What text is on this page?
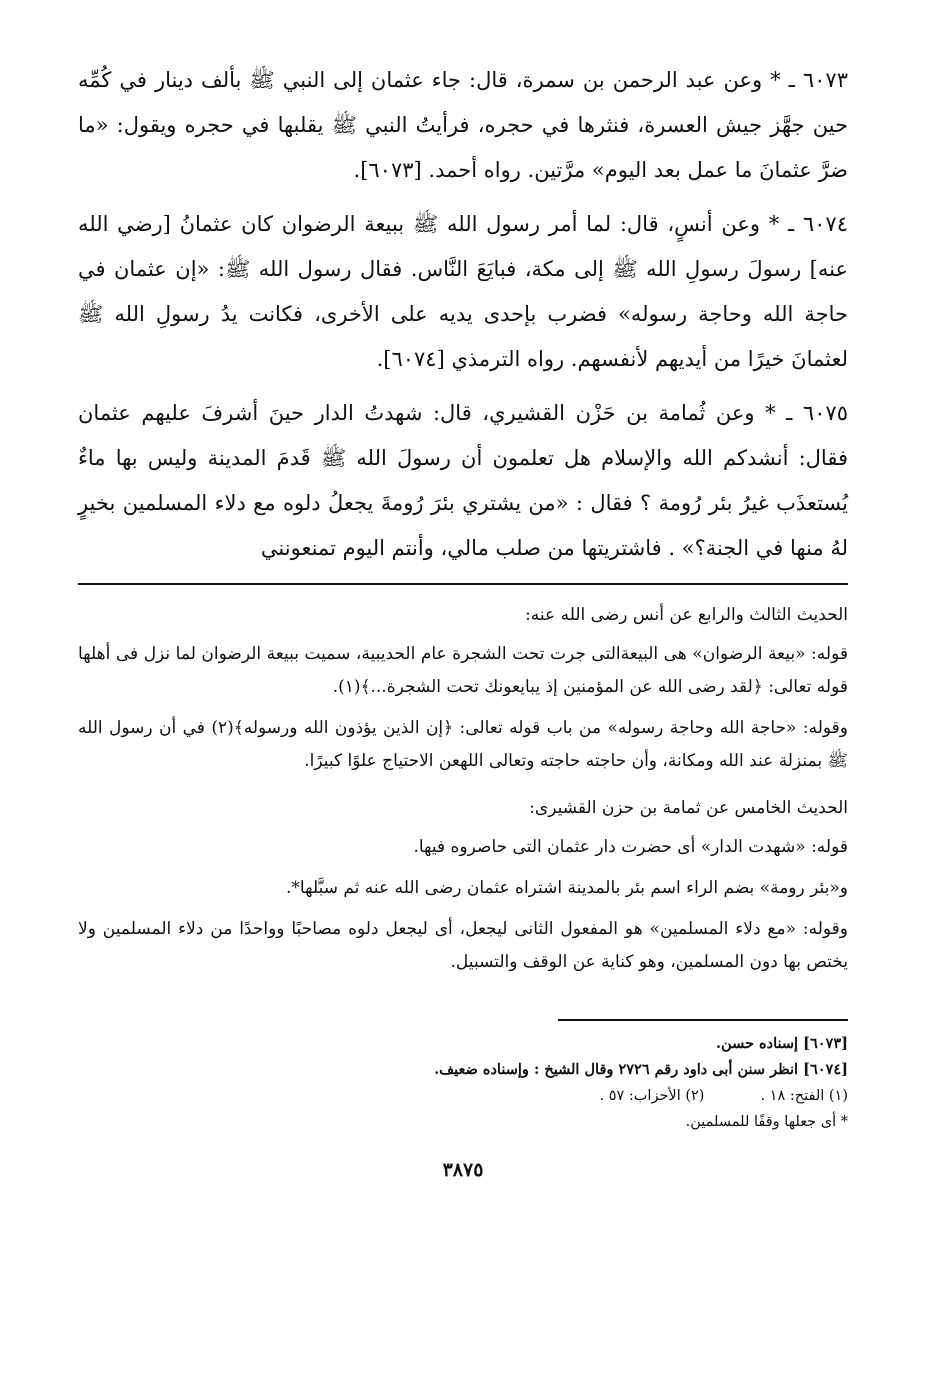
٦٠٧٣ ـ * وعن عبد الرحمن بن سمرة، قال: جاء عثمان إلى النبي ﷺ بألف دينار في كُمِّه حين جهَّز جيش العسرة، فنثرها في حجره، فرأيتُ النبي ﷺ يقلبها في حجره ويقول: «ما ضرَّ عثمانَ ما عمل بعد اليوم» مرَّتين. رواه أحمد. [٦٠٧٣].

٦٠٧٤ ـ * وعن أنسٍ، قال: لما أمر رسول الله ﷺ ببيعة الرضوان كان عثمانُ [رضي الله عنه] رسولَ رسولِ الله ﷺ إلى مكة، فبايَعَ النَّاس. فقال رسول الله ﷺ: «إن عثمان في حاجة الله وحاجة رسوله» فضرب بإحدى يديه على الأخرى، فكانت يدُ رسولِ الله ﷺ لعثمانَ خيرًا من أيديهم لأنفسهم. رواه الترمذي [٦٠٧٤].

٦٠٧٥ ـ * وعن ثُمامة بن حَزْن القشيري، قال: شهدتُ الدار حينَ أشرفَ عليهم عثمان فقال: أنشدكم الله والإسلام هل تعلمون أن رسولَ الله ﷺ قَدمَ المدينة وليس بها ماءٌ يُستعذَب غيرُ بئر رُومة ؟ فقال : «من يشتري بئرَ رُومةَ يجعلُ دلوه مع دلاء المسلمين بخيرٍ لهُ منها في الجنة؟» . فاشتريتها من صلب مالي، وأنتم اليوم تمنعونني

الحديث الثالث والرابع عن أنس رضى الله عنه:

قوله: «بيعة الرضوان» هى البيعةالتى جرت تحت الشجرة عام الحديبية، سميت ببيعة الرضوان لما نزل فى أهلها قوله تعالى: ﴿لقد رضى الله عن المؤمنين إذ يبايعونك تحت الشجرة...﴾(١).

وقوله: «حاجة الله وحاجة رسوله» من باب قوله تعالى: ﴿إن الذين يؤذون الله ورسوله﴾(٢) في أن رسول الله ﷺ بمنزلة عند الله ومكانة، وأن حاجته حاجته وتعالى اللهعن الاحتياج علوًا كبيرًا.

الحديث الخامس عن ثمامة بن حزن القشيرى:

قوله: «شهدت الدار» أى حضرت دار عثمان التى حاصروه فيها.

و«بئر رومة» بضم الراء اسم بئر بالمدينة اشتراه عثمان رضى الله عنه ثم سبَّلها*.

وقوله: «مع دلاء المسلمين» هو المفعول الثانى ليجعل، أى ليجعل دلوه مصاحبًا وواحدًا من دلاء المسلمين ولا يختص بها دون المسلمين، وهو كناية عن الوقف والتسبيل.

[٦٠٧٣] إسناده حسن.

[٦٠٧٤] انظر سنن أبى داود رقم ٢٧٢٦ وقال الشيخ : وإسناده ضعيف.

(١) الفتح: ١٨ .(٢) الأحزاب: ٥٧ .

* أى جعلها وقفًا للمسلمين.

٣٨٧٥
